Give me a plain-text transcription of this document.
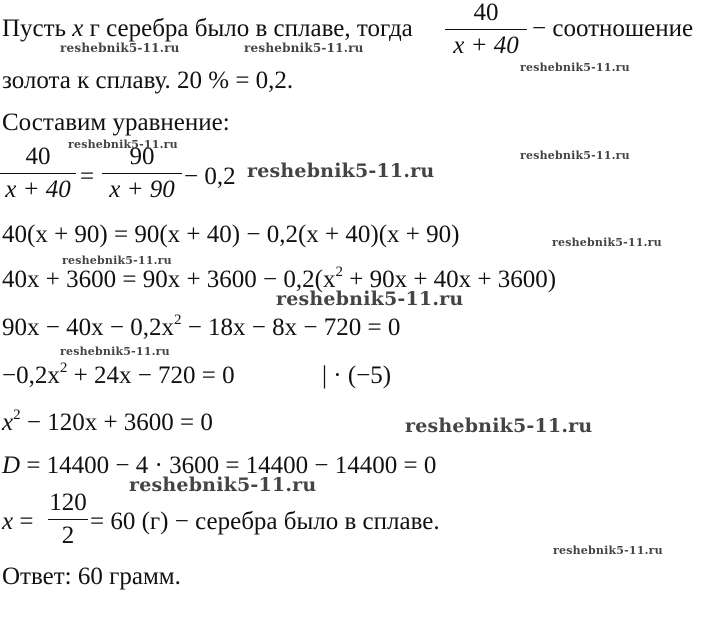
Пусть x г серебра было в сплаве, тогда
40
x + 40
− соотношение
золота к сплаву. 20 % = 0,2.
Составим уравнение:
40
x + 40 =
90
x + 90 − 0,2
40(x + 90) = 90(x + 40) − 0,2(x + 40)(x + 90)
$40x + 3600 = 90x + 3600 - 0,2(x^2 + 90x + 40x + 3600)$
$90x - 40x - 0,2x^2 - 18x - 8x - 720 = 0$
$-0,2x^2 + 24x - 720 = 0$	| · (−5)
$x^2 - 120x + 3600 = 0$
D = 14400 − 4 · 3600 = 14400 − 14400 = 0
x =
120
2
= 60 (г) − серебра было в сплаве.
Ответ: 60 грамм.
reshebnik5-11.ru	reshebnik5-11.ru
reshebnik5-11.ru
reshebnik5-11.ru
reshebnik5-11.ru
reshebnik5-11.ru
reshebnik5-11.ru
reshebnik5-11.ru
reshebnik5-11.ru
reshebnik5-11.ru
reshebnik5-11.ru
reshebnik5-11.ru
reshebnik5-11.ru
